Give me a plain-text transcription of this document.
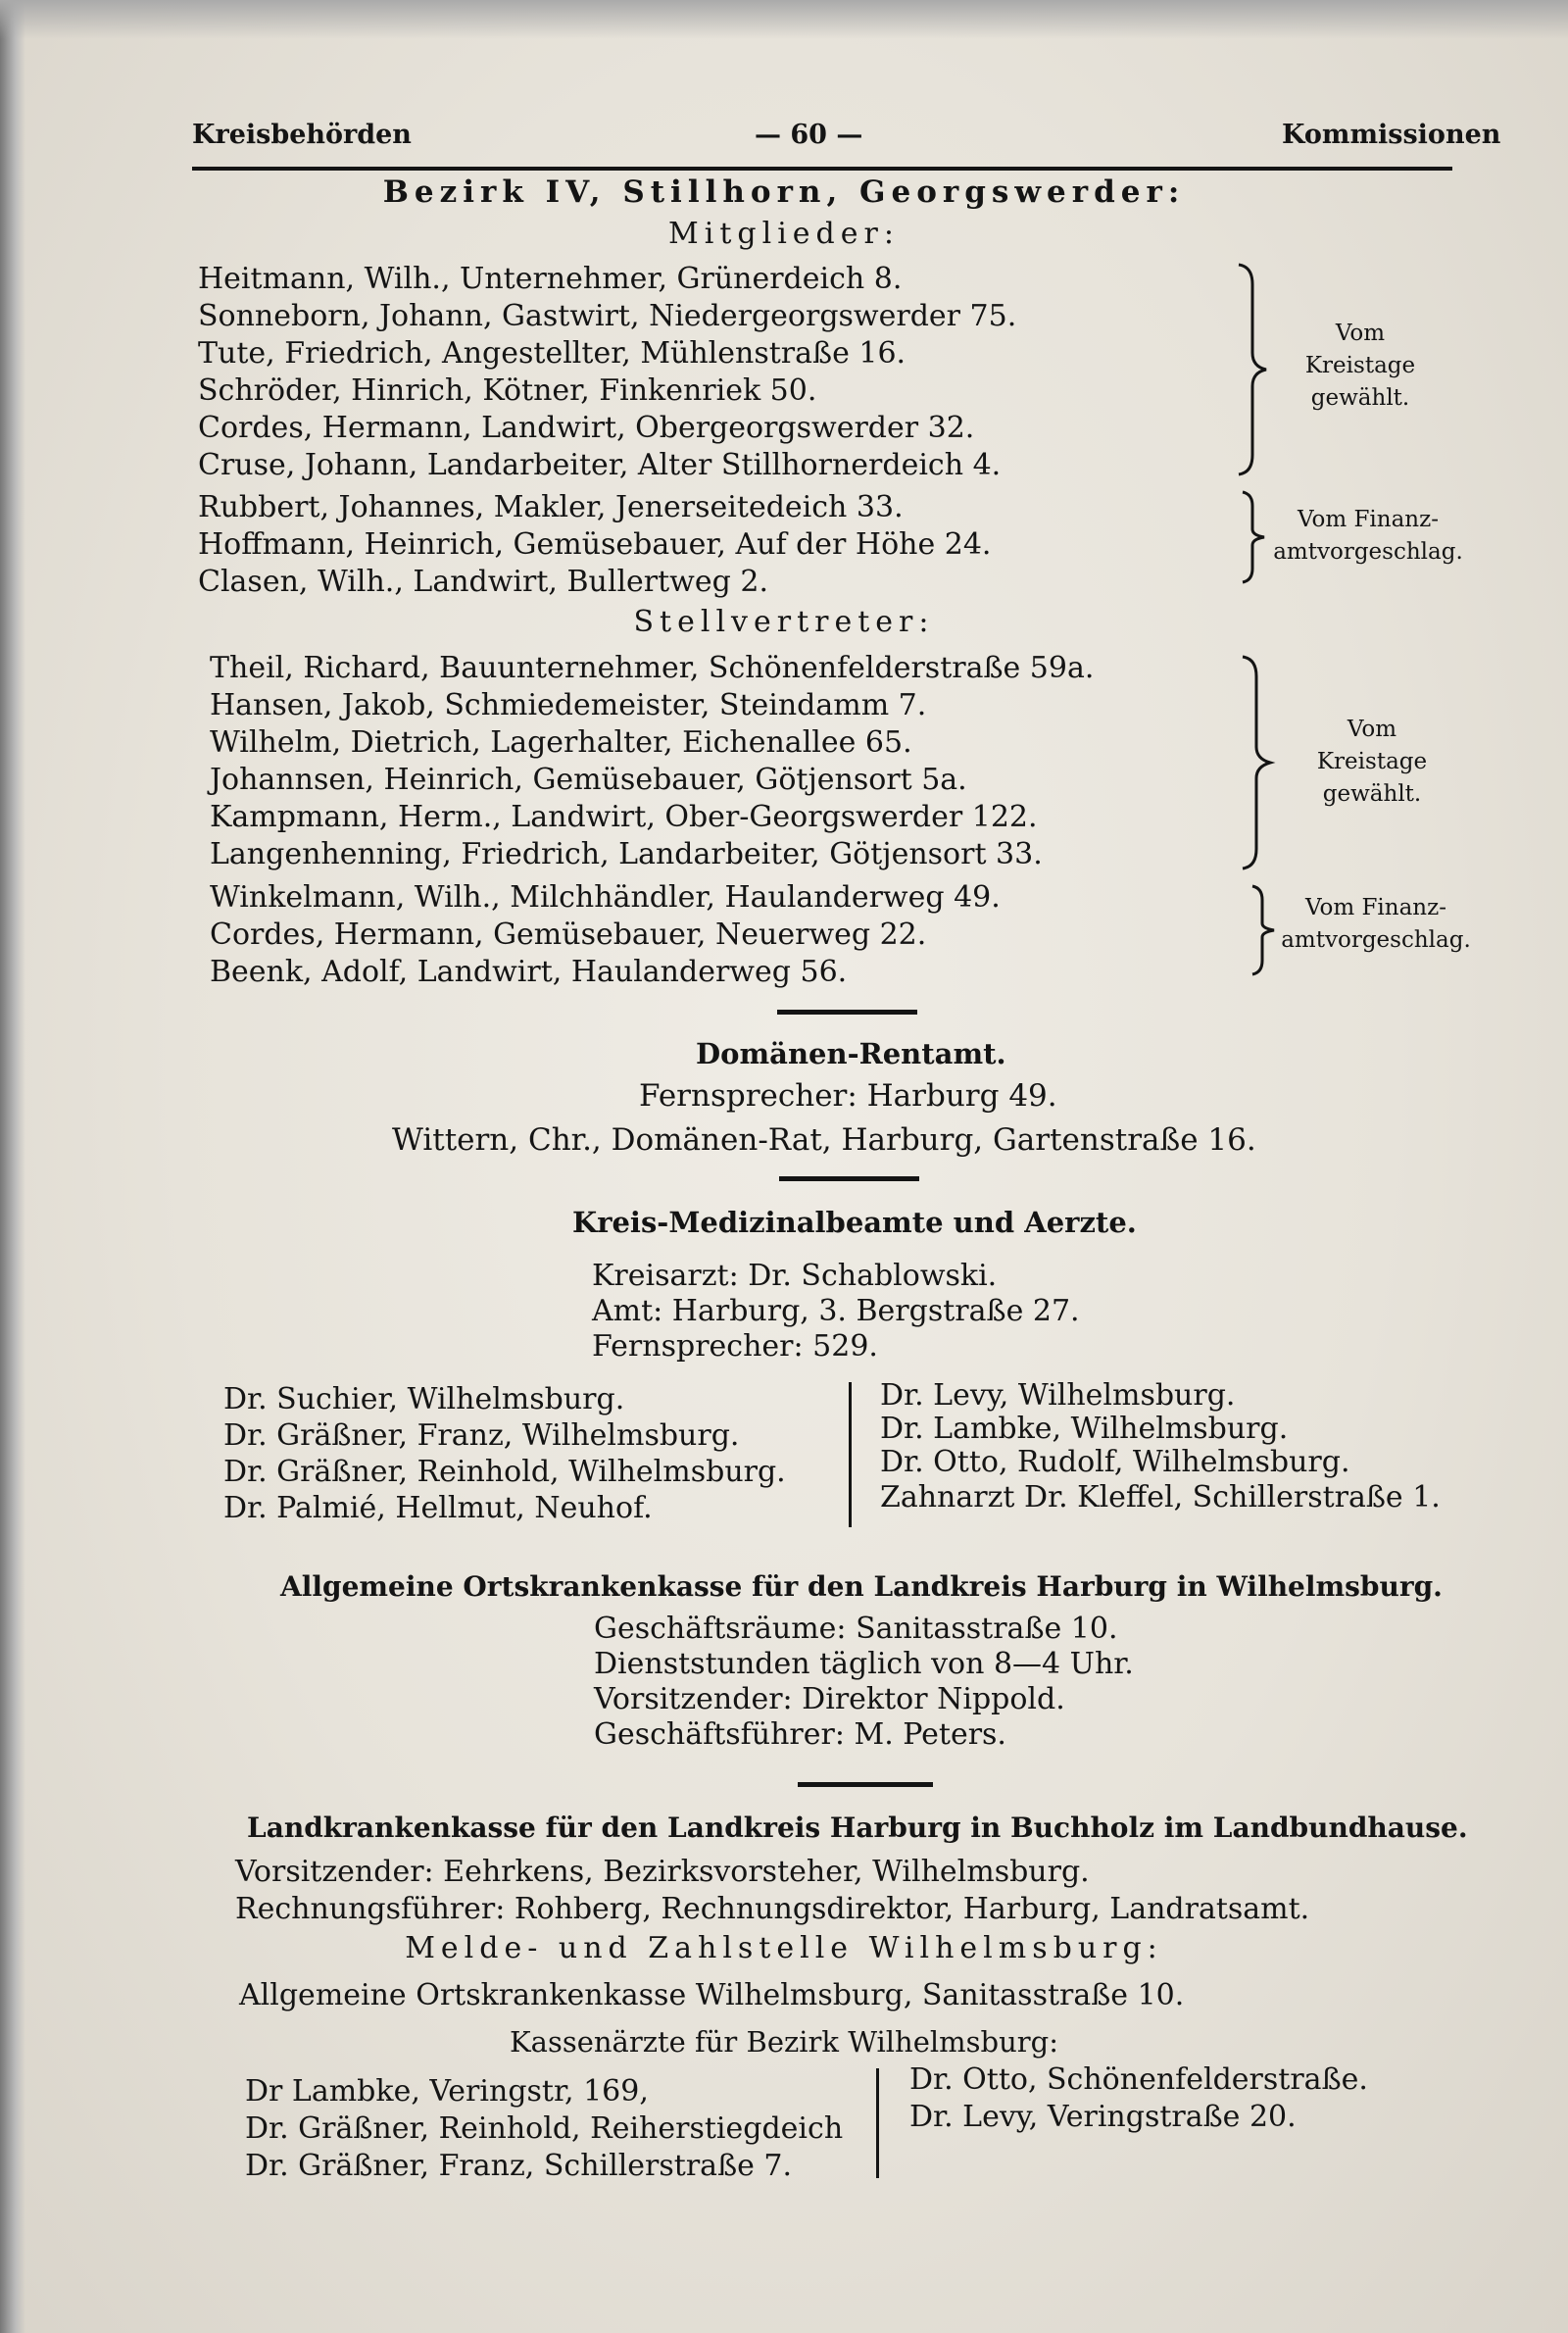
Kreisbehörden	— 60 —	Kommissionen
Bezirk IV, Stillhorn, Georgswerder:
Mitglieder:
Heitmann, Wilh., Unternehmer, Grünerdeich 8.
Sonneborn, Johann, Gastwirt, Niedergeorgswerder 75.
Tute, Friedrich, Angestellter, Mühlenstraße 16.
Schröder, Hinrich, Kötner, Finkenriek 50.
Cordes, Hermann, Landwirt, Obergeorgswerder 32.
Cruse, Johann, Landarbeiter, Alter Stillhornerdeich 4.
Vom
Kreistage
gewählt.
Rubbert, Johannes, Makler, Jenerseitedeich 33.
Hoffmann, Heinrich, Gemüsebauer, Auf der Höhe 24.
Clasen, Wilh., Landwirt, Bullertweg 2.
Vom Finanz-
amtvorgeschlag.
Stellvertreter:
Theil, Richard, Bauunternehmer, Schönenfelderstraße 59a.
Hansen, Jakob, Schmiedemeister, Steindamm 7.
Wilhelm, Dietrich, Lagerhalter, Eichenallee 65.
Johannsen, Heinrich, Gemüsebauer, Götjensort 5a.
Kampmann, Herm., Landwirt, Ober-Georgswerder 122.
Langenhenning, Friedrich, Landarbeiter, Götjensort 33.
Vom
Kreistage
gewählt.
Winkelmann, Wilh., Milchhändler, Haulanderweg 49.
Cordes, Hermann, Gemüsebauer, Neuerweg 22.
Beenk, Adolf, Landwirt, Haulanderweg 56.
Vom Finanz-
amtvorgeschlag.
Domänen-Rentamt.
Fernsprecher: Harburg 49.
Wittern, Chr., Domänen-Rat, Harburg, Gartenstraße 16.
Kreis-Medizinalbeamte und Aerzte.
Kreisarzt: Dr. Schablowski.
Amt: Harburg, 3. Bergstraße 27.
Fernsprecher: 529.
Dr. Suchier, Wilhelmsburg.
Dr. Gräßner, Franz, Wilhelmsburg.
Dr. Gräßner, Reinhold, Wilhelmsburg.
Dr. Palmié, Hellmut, Neuhof.
Dr. Levy, Wilhelmsburg.
Dr. Lambke, Wilhelmsburg.
Dr. Otto, Rudolf, Wilhelmsburg.
Zahnarzt Dr. Kleffel, Schillerstraße 1.
Allgemeine Ortskrankenkasse für den Landkreis Harburg in Wilhelmsburg.
Geschäftsräume: Sanitasstraße 10.
Dienststunden täglich von 8—4 Uhr.
Vorsitzender: Direktor Nippold.
Geschäftsführer: M. Peters.
Landkrankenkasse für den Landkreis Harburg in Buchholz im Landbundhause.
Vorsitzender: Eehrkens, Bezirksvorsteher, Wilhelmsburg.
Rechnungsführer: Rohberg, Rechnungsdirektor, Harburg, Landratsamt.
Melde- und Zahlstelle Wilhelmsburg:
Allgemeine Ortskrankenkasse Wilhelmsburg, Sanitasstraße 10.
Kassenärzte für Bezirk Wilhelmsburg:
Dr Lambke, Veringstr, 169,
Dr. Gräßner, Reinhold, Reiherstiegdeich
Dr. Gräßner, Franz, Schillerstraße 7.
Dr. Otto, Schönenfelderstraße.
Dr. Levy, Veringstraße 20.
